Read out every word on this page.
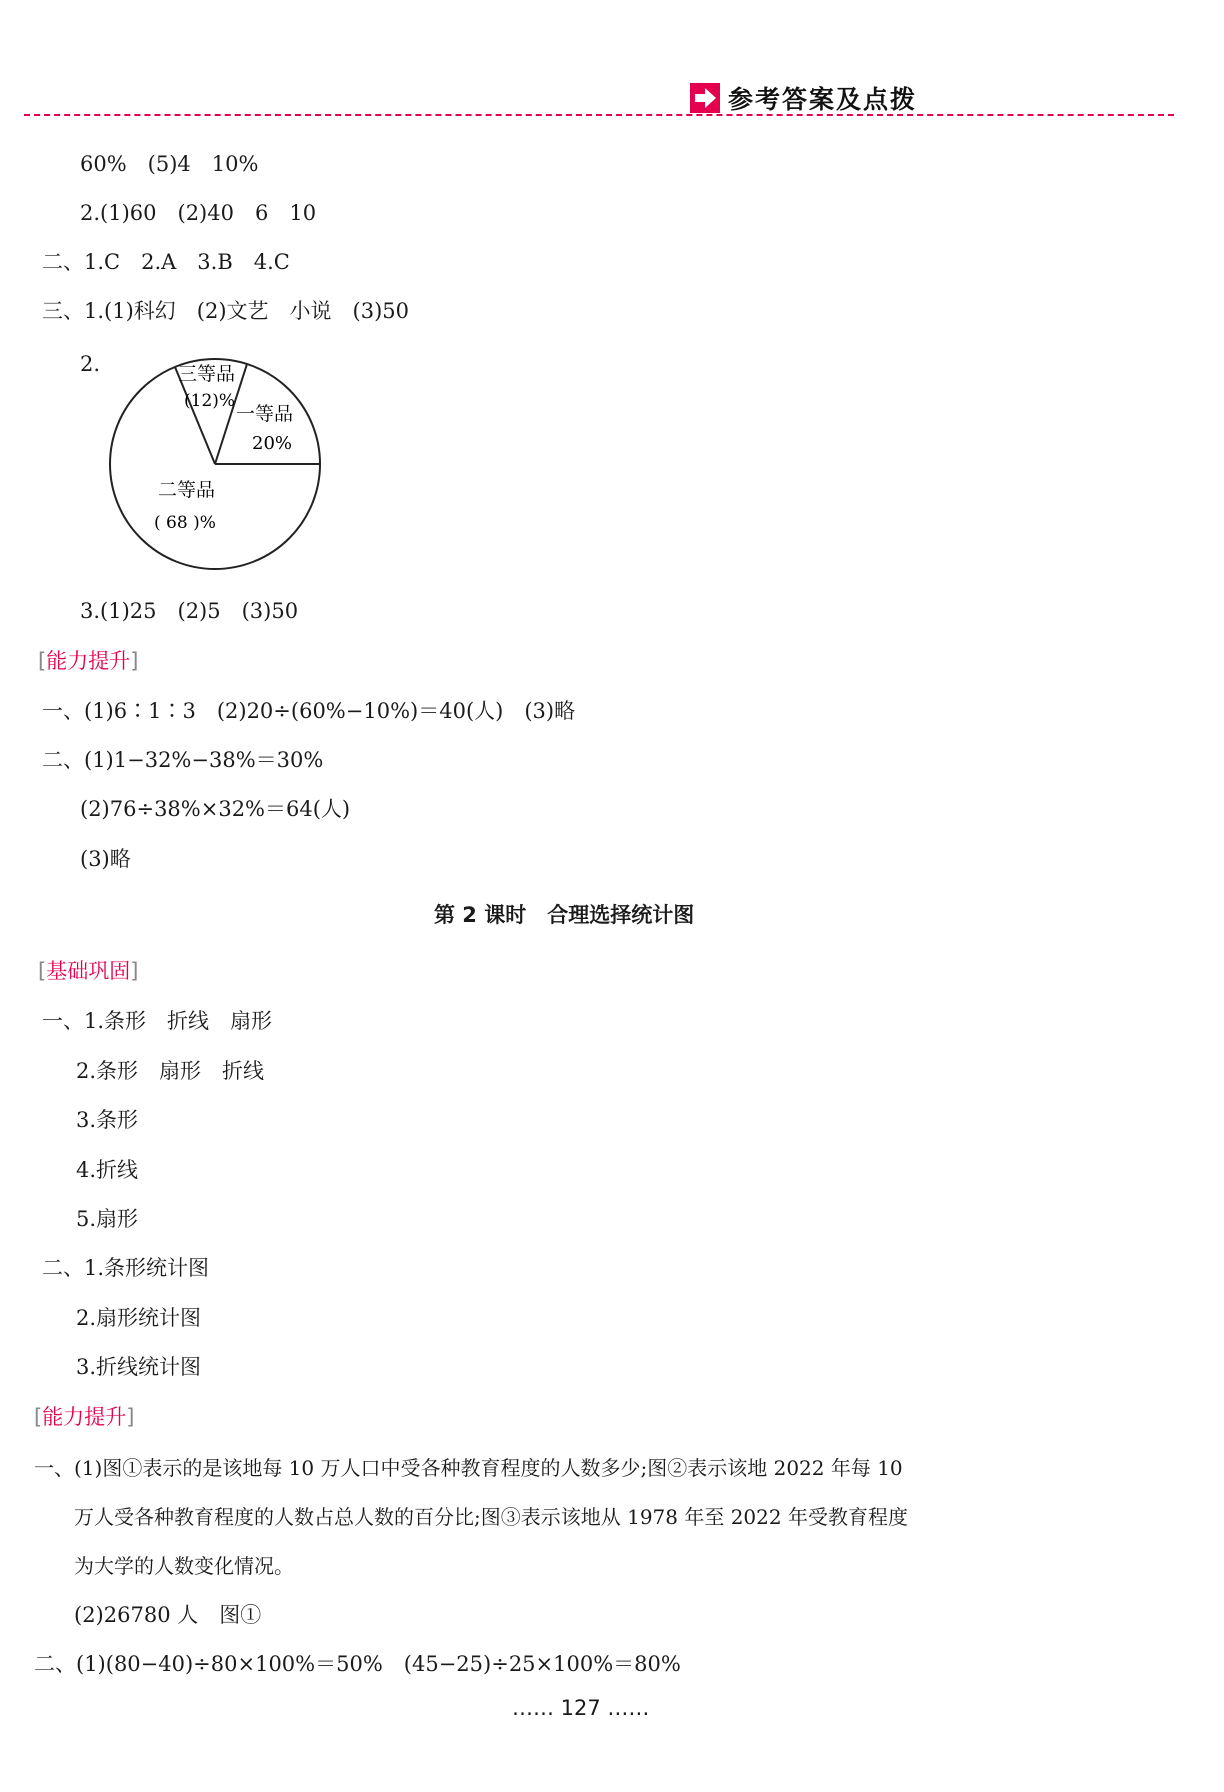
参考答案及点拨
60%　(5)4　10%
2.(1)60　(2)40　6　10
二、1.C　2.A　3.B　4.C
三、1.(1)科幻　(2)文艺　小说　(3)50
2.	三等品
(12)%
一等品
20%
二等品
( 68 )%
3.(1)25　(2)5　(3)50
[能力提升]
一、(1)6∶1∶3　(2)20÷(60%−10%)＝40(人)　(3)略
二、(1)1−32%−38%＝30%
(2)76÷38%×32%＝64(人)
(3)略
第 2 课时　合理选择统计图
[基础巩固]
一、1.条形　折线　扇形
2.条形　扇形　折线
3.条形
4.折线
5.扇形
二、1.条形统计图
2.扇形统计图
3.折线统计图
[能力提升]
一、(1)图①表示的是该地每 10 万人口中受各种教育程度的人数多少;图②表示该地 2022 年每 10
万人受各种教育程度的人数占总人数的百分比;图③表示该地从 1978 年至 2022 年受教育程度
为大学的人数变化情况。
(2)26780 人　图①
二、(1)(80−40)÷80×100%＝50%　(45−25)÷25×100%＝80%
…… 127 ……
